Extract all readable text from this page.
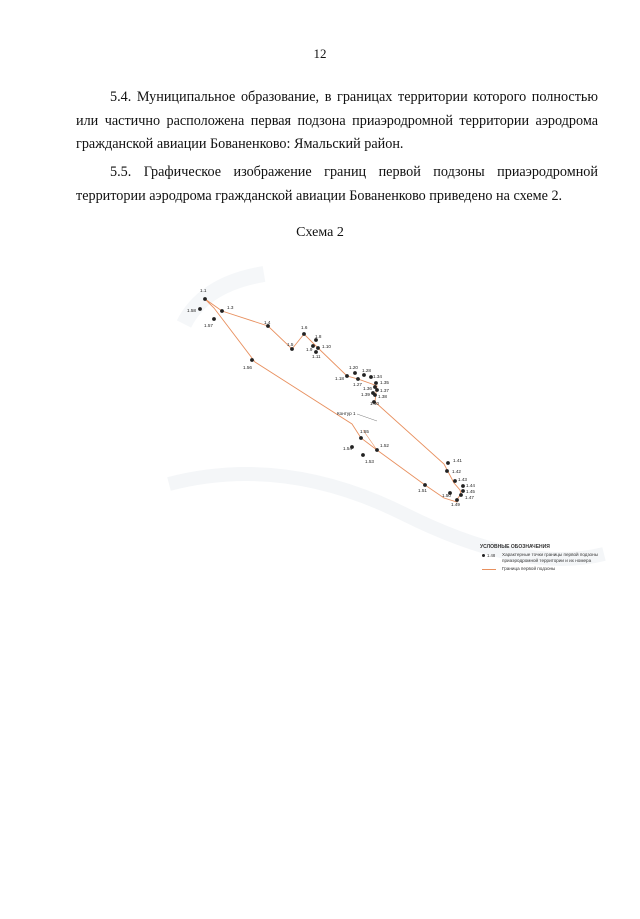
12

5.4. Муниципальное образование, в границах территории которого полностью или частично расположена первая подзона приаэродромной территории аэродрома гражданской авиации Бованенково: Ямальский район.

5.5. Графическое изображение границ первой подзоны приаэродромной территории аэродрома гражданской авиации Бованенково приведено на схеме 2.

Схема 2
Контур 1
1.1
1.58
1.3
1.57
1.4
1.56
1.5
1.6
1.8
1.9
1.10
1.11
1.20
1.18
1.27
1.28
1.34
1.35
1.36 1.37
1.39 1.38
1.40
1.55
1.54
1.52
1.53	1.41
1.42
1.43
1.44
1.45
1.47
1.51
1.50
1.49
УСЛОВНЫЕ ОБОЗНАЧЕНИЯ
1.48 Характерные точки границы первой подзоны приаэродромной территории и их номера
Граница первой подзоны
